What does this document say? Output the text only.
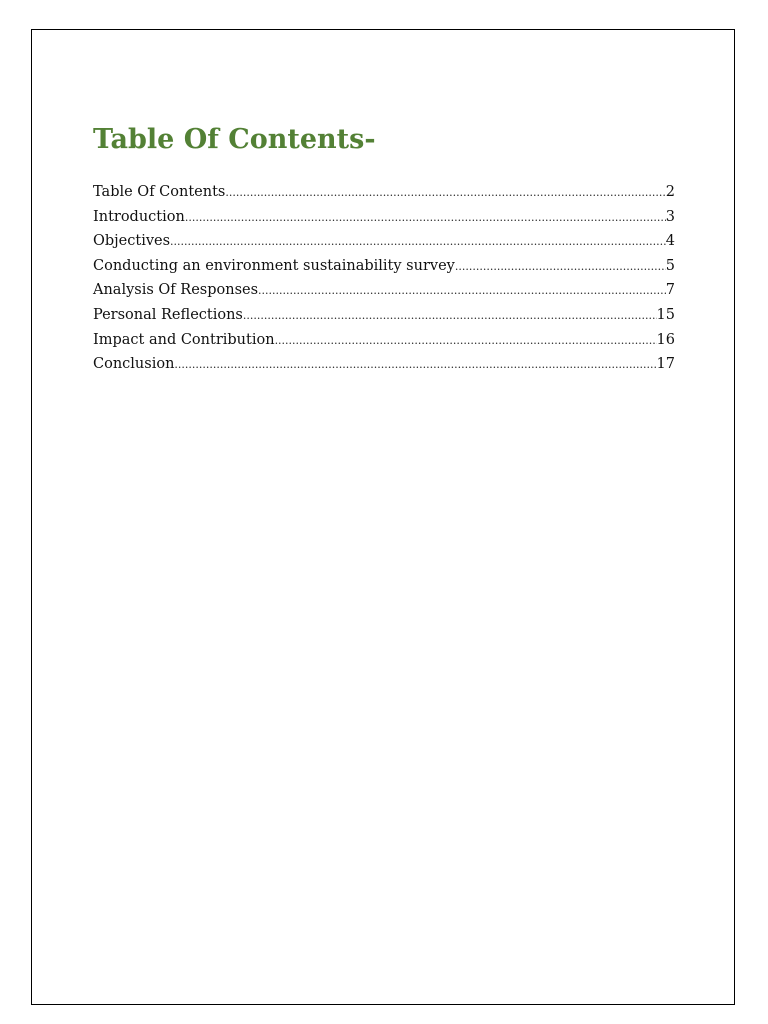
Table Of Contents-
Table Of Contents .....	2
Introduction .....	3
Objectives .....	4
Conducting an environment sustainability survey .....	5
Analysis Of Responses .....	7
Personal Reflections .....	15
Impact and Contribution .....	16
Conclusion .....	17
